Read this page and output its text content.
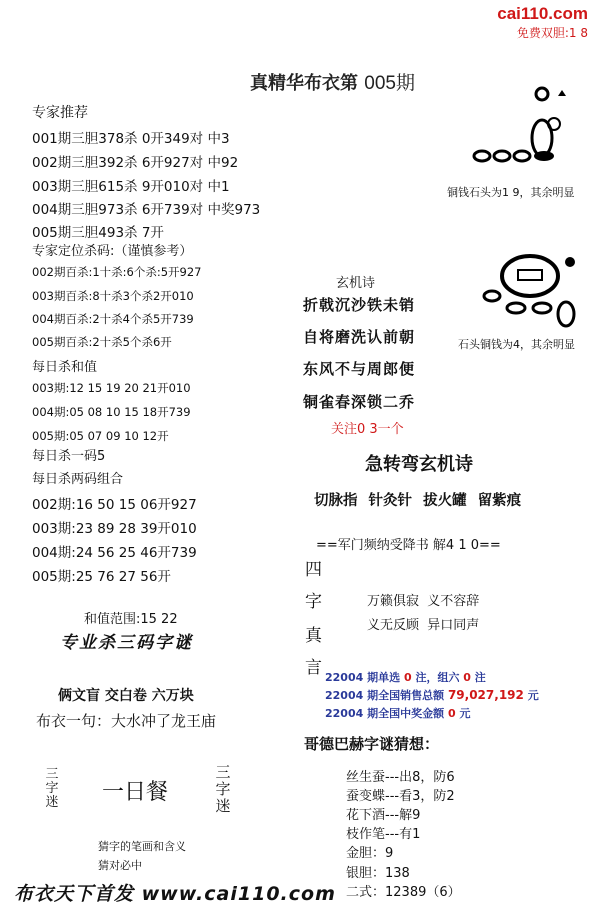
cai110.com
免费双胆:1 8
真精华布衣第 005期
专家推荐
001期三胆378杀 0开349对 中3
002期三胆392杀 6开927对 中92
003期三胆615杀 9开010对 中1
004期三胆973杀 6开739对 中奖973
005期三胆493杀 7开
专家定位杀码:（谨慎参考）
002期百杀:1十杀:6个杀:5开927
003期百杀:8十杀3个杀2开010
004期百杀:2十杀4个杀5开739
005期百杀:2十杀5个杀6开
每日杀和值
003期:12 15 19 20 21开010
004期:05 08 10 15 18开739
005期:05 07 09 10 12开
每日杀一码5
每日杀两码组合
002期:16 50 15 06开927
003期:23 89 28 39开010
004期:24 56 25 46开739
005期:25 76 27 56开
和值范围:15 22
专业杀三码字谜
俩文盲 交白卷 六万块
布衣一句：大水冲了龙王庙
三
字
迷 一日餐
三
字
迷
猜字的笔画和含义
猜对必中
铜钱石头为1 9，其余明显
石头铜钱为4，其余明显
玄机诗
折戟沉沙铁未销
自将磨洗认前朝
东风不与周郎便
铜雀春深锁二乔
关注0 3一个
急转弯玄机诗
切脉指 针灸针 拔火罐 留紫痕
==军门频纳受降书 解4 1 0==
四
字
真
言
万籁俱寂  义不容辞
义无反顾  异口同声
22004 期单选 0 注，组六 0 注
22004 期全国销售总额 79,027,192 元
22004 期全国中奖金额 0 元
哥德巴赫字谜猜想：
丝生蚕---出8，防6
蚕变蝶---看3，防2
花下酒---解9
枝作笔---有1
金胆：9
银胆：138
二式：12389（6）
布衣天下首发 www.cai110.com
